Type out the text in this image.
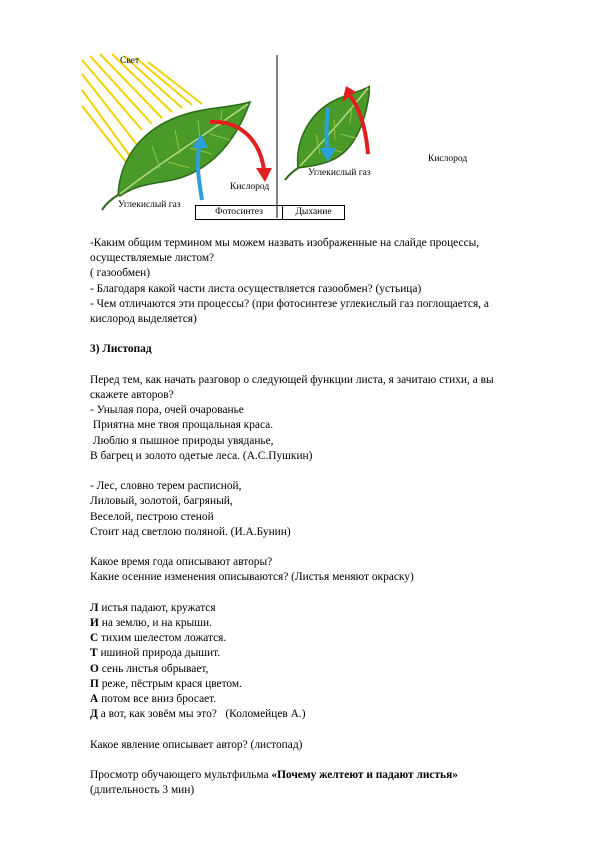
Свет
Углекислый газ
Кислород
Углекислый газ
Кислород
Фотосинтез	Дыхание
-Каким общим термином мы можем назвать изображенные на слайде процессы,
осуществляемые листом?
( газообмен)
- Благодаря какой части листа осуществляется газообмен? (устьица)
- Чем отличаются эти процессы? (при фотосинтезе углекислый газ поглощается, а
кислород выделяется)
3) Листопад
Перед тем, как начать разговор о следующей функции листа, я зачитаю стихи, а вы
скажете авторов?
- Унылая пора, очей очарованье
Приятна мне твоя прощальная краса.
Люблю я пышное природы увяданье,
В багрец и золото одетые леса. (А.С.Пушкин)
- Лес, словно терем расписной,
Лиловый, золотой, багряный,
Веселой, пестрою стеной
Стоит над светлою поляной. (И.А.Бунин)
Какое время года описывают авторы?
Какие осенние изменения описываются? (Листья меняют окраску)
Л истья падают, кружатся
И на землю, и на крыши.
С тихим шелестом ложатся.
Т ишиной природа дышит.
О сень листья обрывает,
П реже, пёстрым крася цветом.
А потом все вниз бросает.
Д а вот, как зовём мы это?   (Коломейцев А.)
Какое явление описывает автор? (листопад)
Просмотр обучающего мультфильма «Почему желтеют и падают листья»
(длительность 3 мин)
